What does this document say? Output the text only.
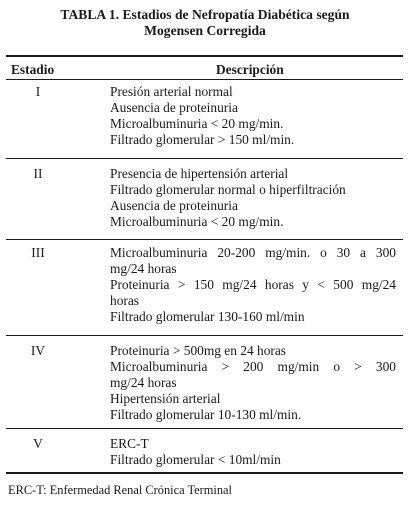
TABLA 1. Estadios de Nefropatía Diabética según
Mogensen Corregida
Estadio	Descripción
I	Presión arterial normal
Ausencia de proteinuria
Microalbuminuria < 20 mg/min.
Filtrado glomerular > 150 ml/min.
II	Presencia de hipertensión arterial
Filtrado glomerular normal o hiperfiltración
Ausencia de proteinuria
Microalbuminuria < 20 mg/min.
III	Microalbuminuria 20-200 mg/min. o 30 a 300
mg/24 horas
Proteinuria > 150 mg/24 horas y < 500 mg/24
horas
Filtrado glomerular 130-160 ml/min
IV	Proteinuria > 500mg en 24 horas
Microalbuminuria > 200 mg/min o > 300
mg/24 horas
Hipertensión arterial
Filtrado glomerular 10-130 ml/min.
V	ERC-T
Filtrado glomerular < 10ml/min
ERC-T: Enfermedad Renal Crónica Terminal
